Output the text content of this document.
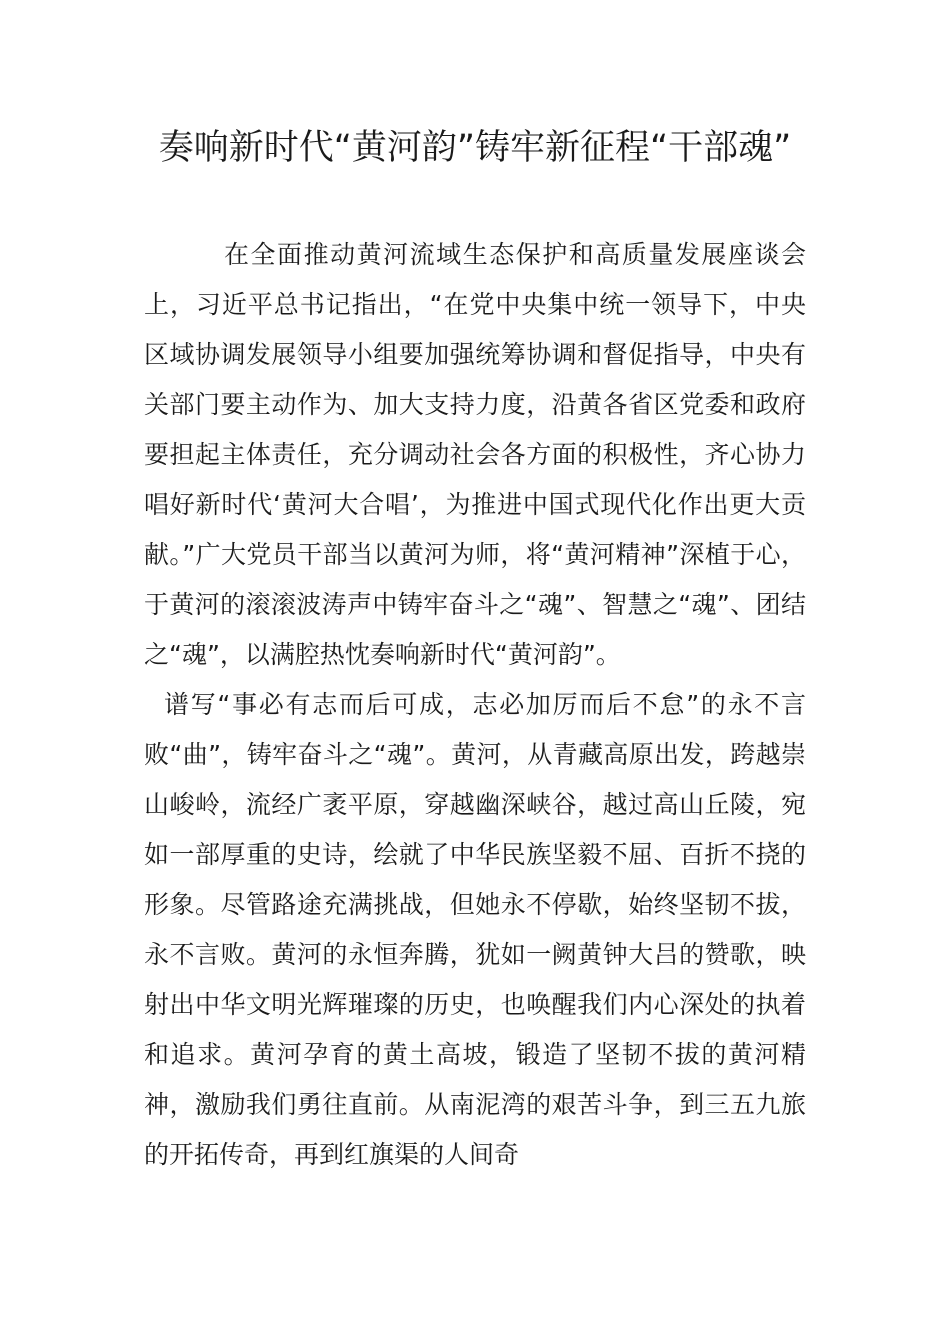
奏响新时代“黄河韵”铸牢新征程“干部魂”

在全面推动黄河流域生态保护和高质量发展座谈会上，习近平总书记指出，“在党中央集中统一领导下，中央区域协调发展领导小组要加强统筹协调和督促指导，中央有关部门要主动作为、加大支持力度，沿黄各省区党委和政府要担起主体责任，充分调动社会各方面的积极性，齐心协力唱好新时代‘黄河大合唱’，为推进中国式现代化作出更大贡献。”广大党员干部当以黄河为师，将“黄河精神”深植于心，于黄河的滚滚波涛声中铸牢奋斗之“魂”、智慧之“魂”、团结之“魂”，以满腔热忱奏响新时代“黄河韵”。

谱写“事必有志而后可成，志必加厉而后不怠”的永不言败“曲”，铸牢奋斗之“魂”。黄河，从青藏高原出发，跨越崇山峻岭，流经广袤平原，穿越幽深峡谷，越过高山丘陵，宛如一部厚重的史诗，绘就了中华民族坚毅不屈、百折不挠的形象。尽管路途充满挑战，但她永不停歇，始终坚韧不拔，永不言败。黄河的永恒奔腾，犹如一阙黄钟大吕的赞歌，映射出中华文明光辉璀璨的历史，也唤醒我们内心深处的执着和追求。黄河孕育的黄土高坡，锻造了坚韧不拔的黄河精神，激励我们勇往直前。从南泥湾的艰苦斗争，到三五九旅的开拓传奇，再到红旗渠的人间奇
